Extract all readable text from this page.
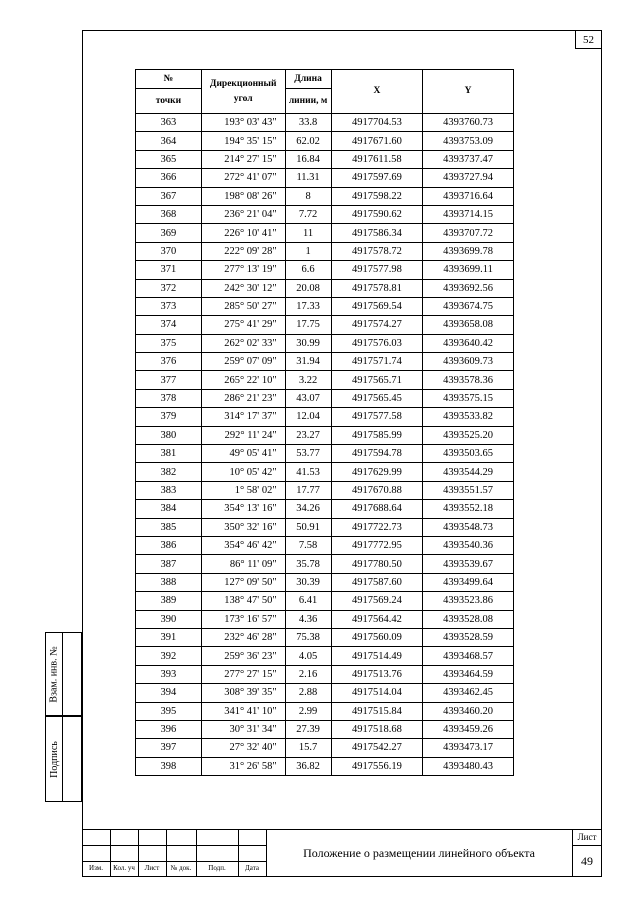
52
№	Дирекционный угол	Длина	X	Y
точки		линии, м		
363	193° 03' 43"	33.8	4917704.53	4393760.73
364	194° 35' 15"	62.02	4917671.60	4393753.09
365	214° 27' 15"	16.84	4917611.58	4393737.47
366	272° 41' 07"	11.31	4917597.69	4393727.94
367	198° 08' 26"	8	4917598.22	4393716.64
368	236° 21' 04"	7.72	4917590.62	4393714.15
369	226° 10' 41"	11	4917586.34	4393707.72
370	222° 09' 28"	1	4917578.72	4393699.78
371	277° 13' 19"	6.6	4917577.98	4393699.11
372	242° 30' 12"	20.08	4917578.81	4393692.56
373	285° 50' 27"	17.33	4917569.54	4393674.75
374	275° 41' 29"	17.75	4917574.27	4393658.08
375	262° 02' 33"	30.99	4917576.03	4393640.42
376	259° 07' 09"	31.94	4917571.74	4393609.73
377	265° 22' 10"	3.22	4917565.71	4393578.36
378	286° 21' 23"	43.07	4917565.45	4393575.15
379	314° 17' 37"	12.04	4917577.58	4393533.82
380	292° 11' 24"	23.27	4917585.99	4393525.20
381	49° 05' 41"	53.77	4917594.78	4393503.65
382	10° 05' 42"	41.53	4917629.99	4393544.29
383	1° 58' 02"	17.77	4917670.88	4393551.57
384	354° 13' 16"	34.26	4917688.64	4393552.18
385	350° 32' 16"	50.91	4917722.73	4393548.73
386	354° 46' 42"	7.58	4917772.95	4393540.36
387	86° 11' 09"	35.78	4917780.50	4393539.67
388	127° 09' 50"	30.39	4917587.60	4393499.64
389	138° 47' 50"	6.41	4917569.24	4393523.86
390	173° 16' 57"	4.36	4917564.42	4393528.08
391	232° 46' 28"	75.38	4917560.09	4393528.59
392	259° 36' 23"	4.05	4917514.49	4393468.57
393	277° 27' 15"	2.16	4917513.76	4393464.59
394	308° 39' 35"	2.88	4917514.04	4393462.45
395	341° 41' 10"	2.99	4917515.84	4393460.20
396	30° 31' 34"	27.39	4917518.68	4393459.26
397	27° 32' 40"	15.7	4917542.27	4393473.17
398	31° 26' 58"	36.82	4917556.19	4393480.43
Взам. инв. №
Подпись
Изм.	Кол. уч	Лист	№ док.	Подп.	Дата
Положение о размещении линейного объекта
Лист
49
